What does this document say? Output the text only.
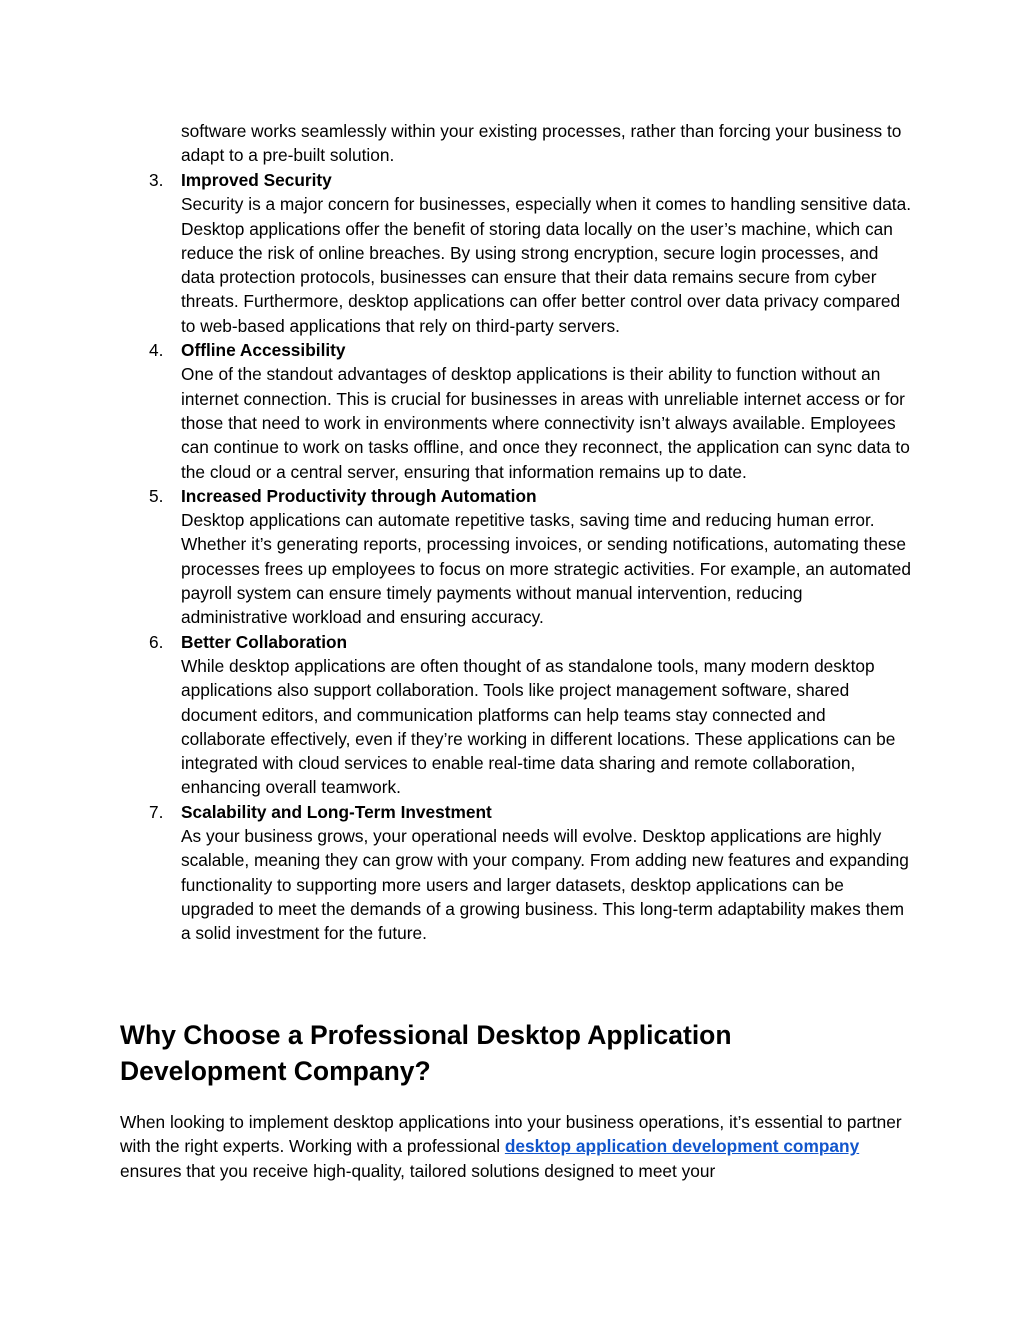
software works seamlessly within your existing processes, rather than forcing your business to adapt to a pre-built solution.
3.	Improved Security
Security is a major concern for businesses, especially when it comes to handling sensitive data. Desktop applications offer the benefit of storing data locally on the user’s machine, which can reduce the risk of online breaches. By using strong encryption, secure login processes, and data protection protocols, businesses can ensure that their data remains secure from cyber threats. Furthermore, desktop applications can offer better control over data privacy compared to web-based applications that rely on third-party servers.
4.	Offline Accessibility
One of the standout advantages of desktop applications is their ability to function without an internet connection. This is crucial for businesses in areas with unreliable internet access or for those that need to work in environments where connectivity isn’t always available. Employees can continue to work on tasks offline, and once they reconnect, the application can sync data to the cloud or a central server, ensuring that information remains up to date.
5.	Increased Productivity through Automation
Desktop applications can automate repetitive tasks, saving time and reducing human error. Whether it’s generating reports, processing invoices, or sending notifications, automating these processes frees up employees to focus on more strategic activities. For example, an automated payroll system can ensure timely payments without manual intervention, reducing administrative workload and ensuring accuracy.
6.	Better Collaboration
While desktop applications are often thought of as standalone tools, many modern desktop applications also support collaboration. Tools like project management software, shared document editors, and communication platforms can help teams stay connected and collaborate effectively, even if they’re working in different locations. These applications can be integrated with cloud services to enable real-time data sharing and remote collaboration, enhancing overall teamwork.
7.	Scalability and Long-Term Investment
As your business grows, your operational needs will evolve. Desktop applications are highly scalable, meaning they can grow with your company. From adding new features and expanding functionality to supporting more users and larger datasets, desktop applications can be upgraded to meet the demands of a growing business. This long-term adaptability makes them a solid investment for the future.
Why Choose a Professional Desktop Application Development Company?

When looking to implement desktop applications into your business operations, it’s essential to partner with the right experts. Working with a professional desktop application development company ensures that you receive high-quality, tailored solutions designed to meet your
